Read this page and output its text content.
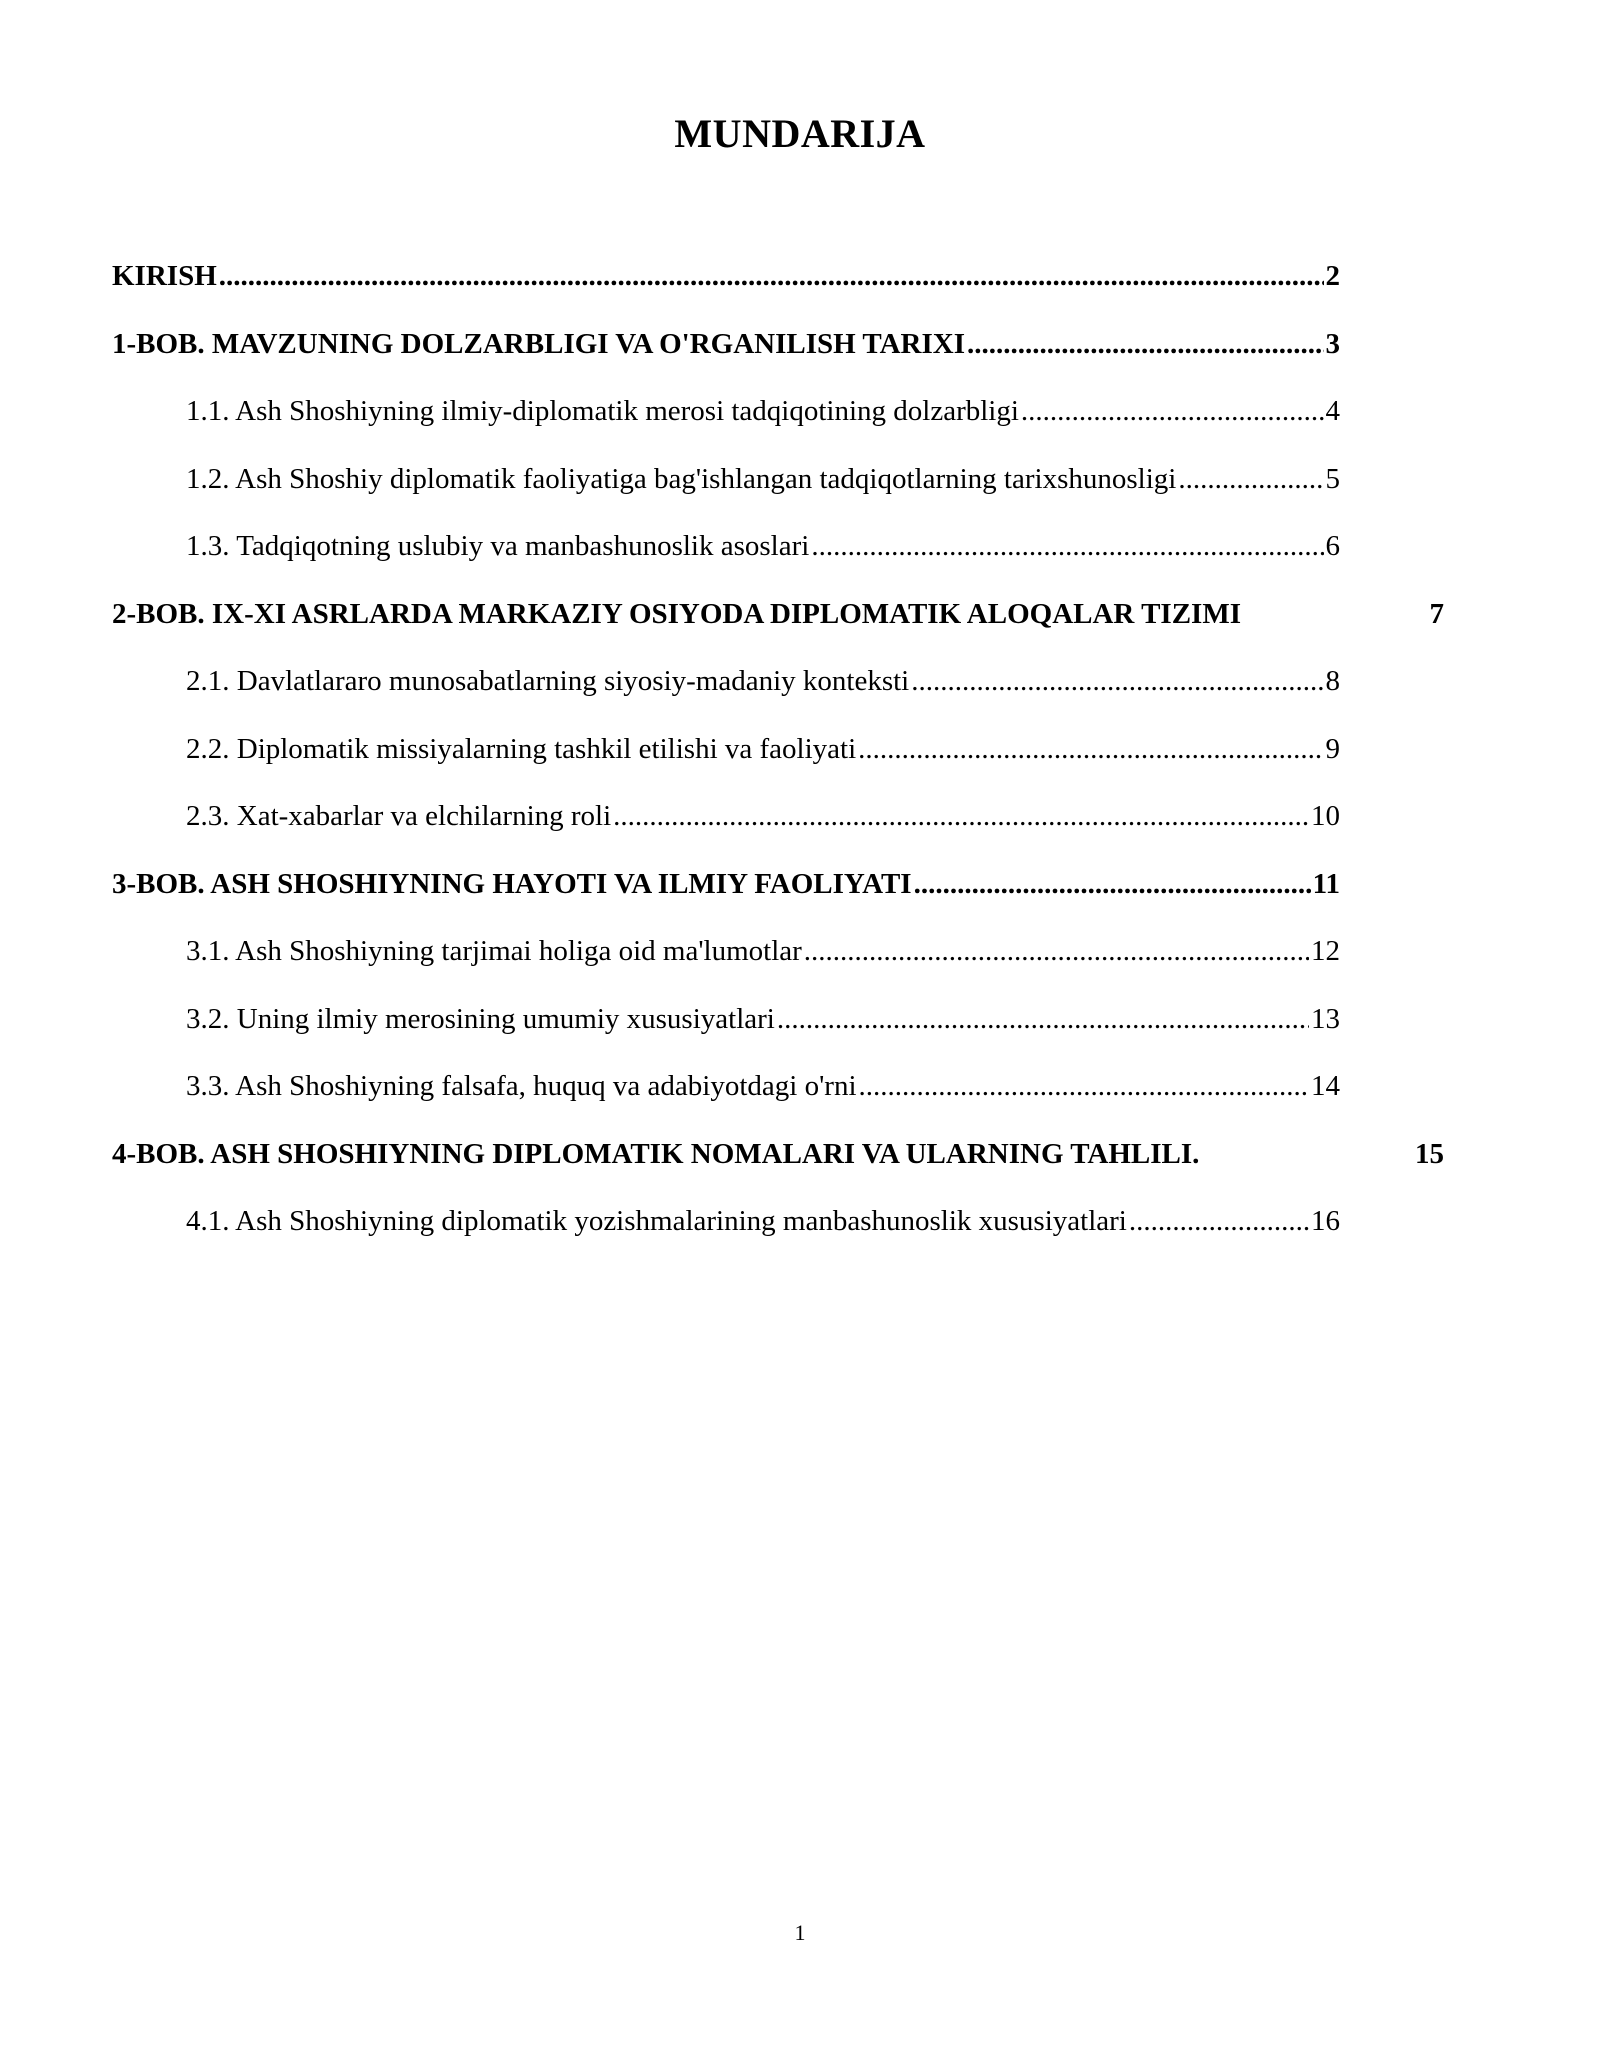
MUNDARIJA
KIRISH .....	2
1-BOB. MAVZUNING DOLZARBLIGI VA O'RGANILISH TARIXI .....	3
1.1. Ash Shoshiyning ilmiy-diplomatik merosi tadqiqotining dolzarbligi .....	4
1.2. Ash Shoshiy diplomatik faoliyatiga bag'ishlangan tadqiqotlarning tarixshunosligi .....	5
1.3. Tadqiqotning uslubiy va manbashunoslik asoslari .....	6
2-BOB. IX-XI ASRLARDA MARKAZIY OSIYODA DIPLOMATIK ALOQALAR TIZIMI	7
2.1. Davlatlararo munosabatlarning siyosiy-madaniy konteksti .....	8
2.2. Diplomatik missiyalarning tashkil etilishi va faoliyati .....	9
2.3. Xat-xabarlar va elchilarning roli .....	10
3-BOB. ASH SHOSHIYNING HAYOTI VA ILMIY FAOLIYATI .....	11
3.1. Ash Shoshiyning tarjimai holiga oid ma'lumotlar .....	12
3.2. Uning ilmiy merosining umumiy xususiyatlari .....	13
3.3. Ash Shoshiyning falsafa, huquq va adabiyotdagi o'rni .....	14
4-BOB. ASH SHOSHIYNING DIPLOMATIK NOMALARI VA ULARNING TAHLILI.	15
4.1. Ash Shoshiyning diplomatik yozishmalarining manbashunoslik xususiyatlari .....	16
1
